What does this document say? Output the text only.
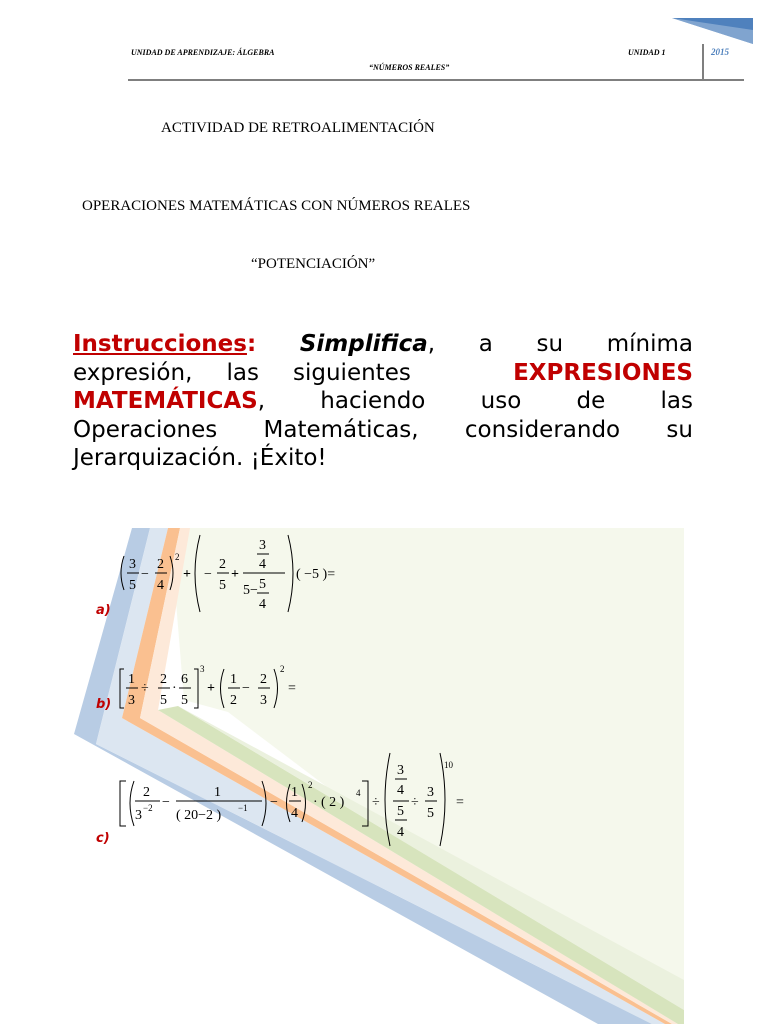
UNIDAD DE APRENDIZAJE: ÁLGEBRA
“NÚMEROS REALES”
UNIDAD 1	2015
ACTIVIDAD DE RETROALIMENTACIÓN
OPERACIONES MATEMÁTICAS CON NÚMEROS REALES
“POTENCIACIÓN”
Instrucciones: Simplifica, a su mínima
expresión, las siguientes	EXPRESIONES
MATEMÁTICAS, haciendo uso de las
Operaciones Matemáticas, considerando su
Jerarquización. ¡Éxito!
a)
b)
c)
3
5
−
2
4
2
+ −
2
5
+
3
4
5− 5
4
( −5 )=
1
3
÷
2
5
·
6
5
3
+
1
2
−
2
3
2
=
2
3 −2 −
1
( 20−2 ) −1 −
1
4
2
· ( 2 )
4
÷
3
4
5
4
÷
3
5
10
=
